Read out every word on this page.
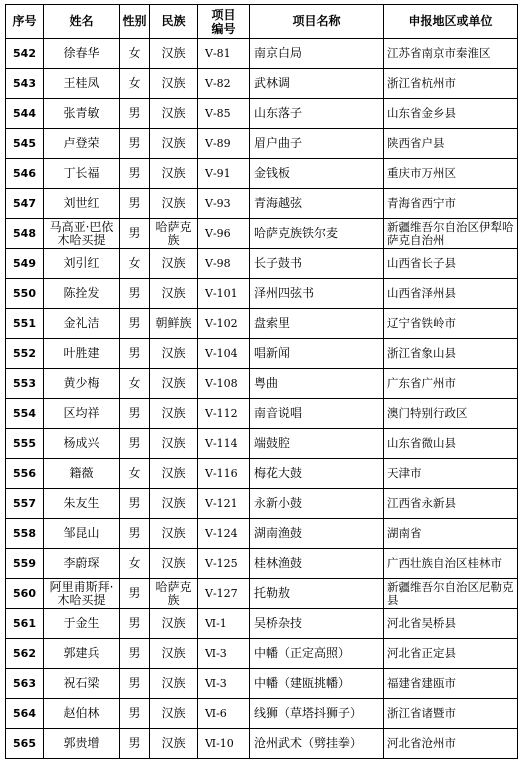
序号	姓名	性别	民族	项目编号	项目名称	申报地区或单位
542	徐春华	女	汉族	Ⅴ-81	南京白局	江苏省南京市秦淮区
543	王桂凤	女	汉族	Ⅴ-82	武林调	浙江省杭州市
544	张青敏	男	汉族	Ⅴ-85	山东落子	山东省金乡县
545	卢登荣	男	汉族	Ⅴ-89	眉户曲子	陕西省户县
546	丁长福	男	汉族	Ⅴ-91	金钱板	重庆市万州区
547	刘世红	男	汉族	Ⅴ-93	青海越弦	青海省西宁市
548	马高亚·巴依木哈买提	男	哈萨克族	Ⅴ-96	哈萨克族铁尔麦	新疆维吾尔自治区伊犁哈萨克自治州
549	刘引红	女	汉族	Ⅴ-98	长子鼓书	山西省长子县
550	陈拴发	男	汉族	Ⅴ-101	泽州四弦书	山西省泽州县
551	金礼洁	男	朝鲜族	Ⅴ-102	盘索里	辽宁省铁岭市
552	叶胜建	男	汉族	Ⅴ-104	唱新闻	浙江省象山县
553	黄少梅	女	汉族	Ⅴ-108	粤曲	广东省广州市
554	区均祥	男	汉族	Ⅴ-112	南音说唱	澳门特别行政区
555	杨成兴	男	汉族	Ⅴ-114	端鼓腔	山东省微山县
556	籍薇	女	汉族	Ⅴ-116	梅花大鼓	天津市
557	朱友生	男	汉族	Ⅴ-121	永新小鼓	江西省永新县
558	邹昆山	男	汉族	Ⅴ-124	湖南渔鼓	湖南省
559	李蔚琛	女	汉族	Ⅴ-125	桂林渔鼓	广西壮族自治区桂林市
560	阿里甫斯拜·木哈买提	男	哈萨克族	Ⅴ-127	托勒敖	新疆维吾尔自治区尼勒克县
561	于金生	男	汉族	Ⅵ-1	吴桥杂技	河北省吴桥县
562	郭建兵	男	汉族	Ⅵ-3	中幡（正定高照）	河北省正定县
563	祝石梁	男	汉族	Ⅵ-3	中幡（建瓯挑幡）	福建省建瓯市
564	赵伯林	男	汉族	Ⅵ-6	线狮（草塔抖狮子）	浙江省诸暨市
565	郭贵增	男	汉族	Ⅵ-10	沧州武术（劈挂拳）	河北省沧州市
